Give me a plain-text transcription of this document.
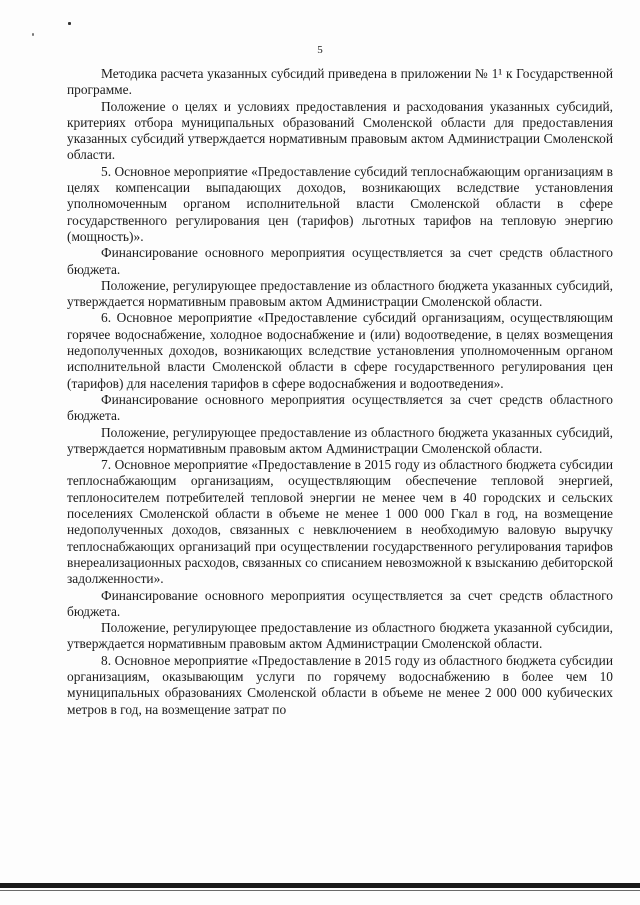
5

Методика расчета указанных субсидий приведена в приложении № 1¹ к Государственной программе.

Положение о целях и условиях предоставления и расходования указанных субсидий, критериях отбора муниципальных образований Смоленской области для предоставления указанных субсидий утверждается нормативным правовым актом Администрации Смоленской области.

5. Основное мероприятие «Предоставление субсидий теплоснабжающим организациям в целях компенсации выпадающих доходов, возникающих вследствие установления уполномоченным органом исполнительной власти Смоленской области в сфере государственного регулирования цен (тарифов) льготных тарифов на тепловую энергию (мощность)».

Финансирование основного мероприятия осуществляется за счет средств областного бюджета.

Положение, регулирующее предоставление из областного бюджета указанных субсидий, утверждается нормативным правовым актом Администрации Смоленской области.

6. Основное мероприятие «Предоставление субсидий организациям, осуществляющим горячее водоснабжение, холодное водоснабжение и (или) водоотведение, в целях возмещения недополученных доходов, возникающих вследствие установления уполномоченным органом исполнительной власти Смоленской области в сфере государственного регулирования цен (тарифов) для населения тарифов в сфере водоснабжения и водоотведения».

Финансирование основного мероприятия осуществляется за счет средств областного бюджета.

Положение, регулирующее предоставление из областного бюджета указанных субсидий, утверждается нормативным правовым актом Администрации Смоленской области.

7. Основное мероприятие «Предоставление в 2015 году из областного бюджета субсидии теплоснабжающим организациям, осуществляющим обеспечение тепловой энергией, теплоносителем потребителей тепловой энергии не менее чем в 40 городских и сельских поселениях Смоленской области в объеме не менее 1 000 000 Гкал в год, на возмещение недополученных доходов, связанных с невключением в необходимую валовую выручку теплоснабжающих организаций при осуществлении государственного регулирования тарифов внереализационных расходов, связанных со списанием невозможной к взысканию дебиторской задолженности».

Финансирование основного мероприятия осуществляется за счет средств областного бюджета.

Положение, регулирующее предоставление из областного бюджета указанной субсидии, утверждается нормативным правовым актом Администрации Смоленской области.

8. Основное мероприятие «Предоставление в 2015 году из областного бюджета субсидии организациям, оказывающим услуги по горячему водоснабжению в более чем 10 муниципальных образованиях Смоленской области в объеме не менее 2 000 000 кубических метров в год, на возмещение затрат по
